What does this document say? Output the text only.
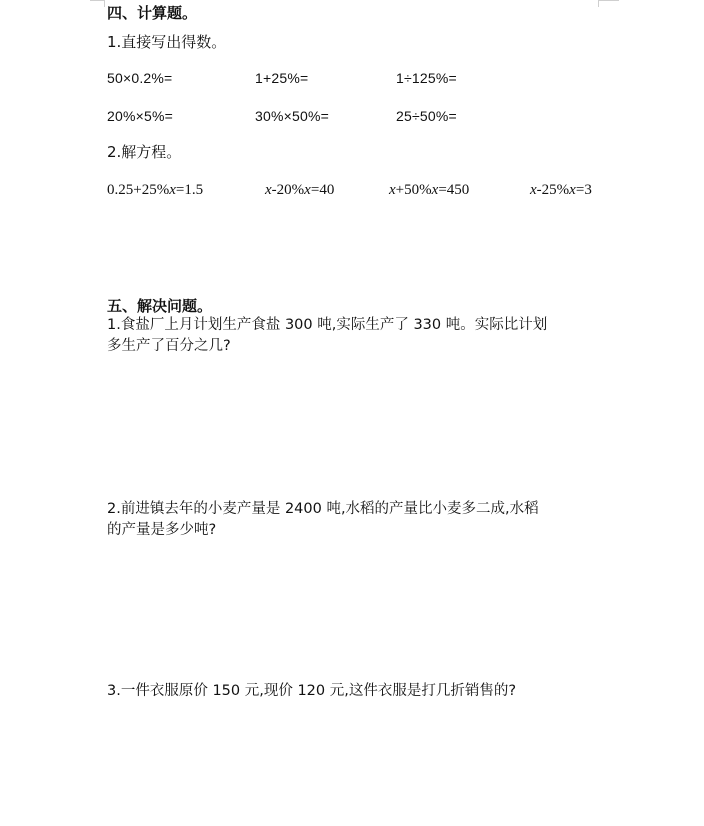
四、计算题。
1.直接写出得数。
50×0.2%=	1+25%=	1÷125%=
20%×5%=	30%×50%=	25÷50%=
2.解方程。
0.25+25%x=1.5	x-20%x=40	x+50%x=450	x-25%x=3
五、解决问题。
1.食盐厂上月计划生产食盐 300 吨,实际生产了 330 吨。实际比计划
多生产了百分之几?
2.前进镇去年的小麦产量是 2400 吨,水稻的产量比小麦多二成,水稻
的产量是多少吨?
3.一件衣服原价 150 元,现价 120 元,这件衣服是打几折销售的?
